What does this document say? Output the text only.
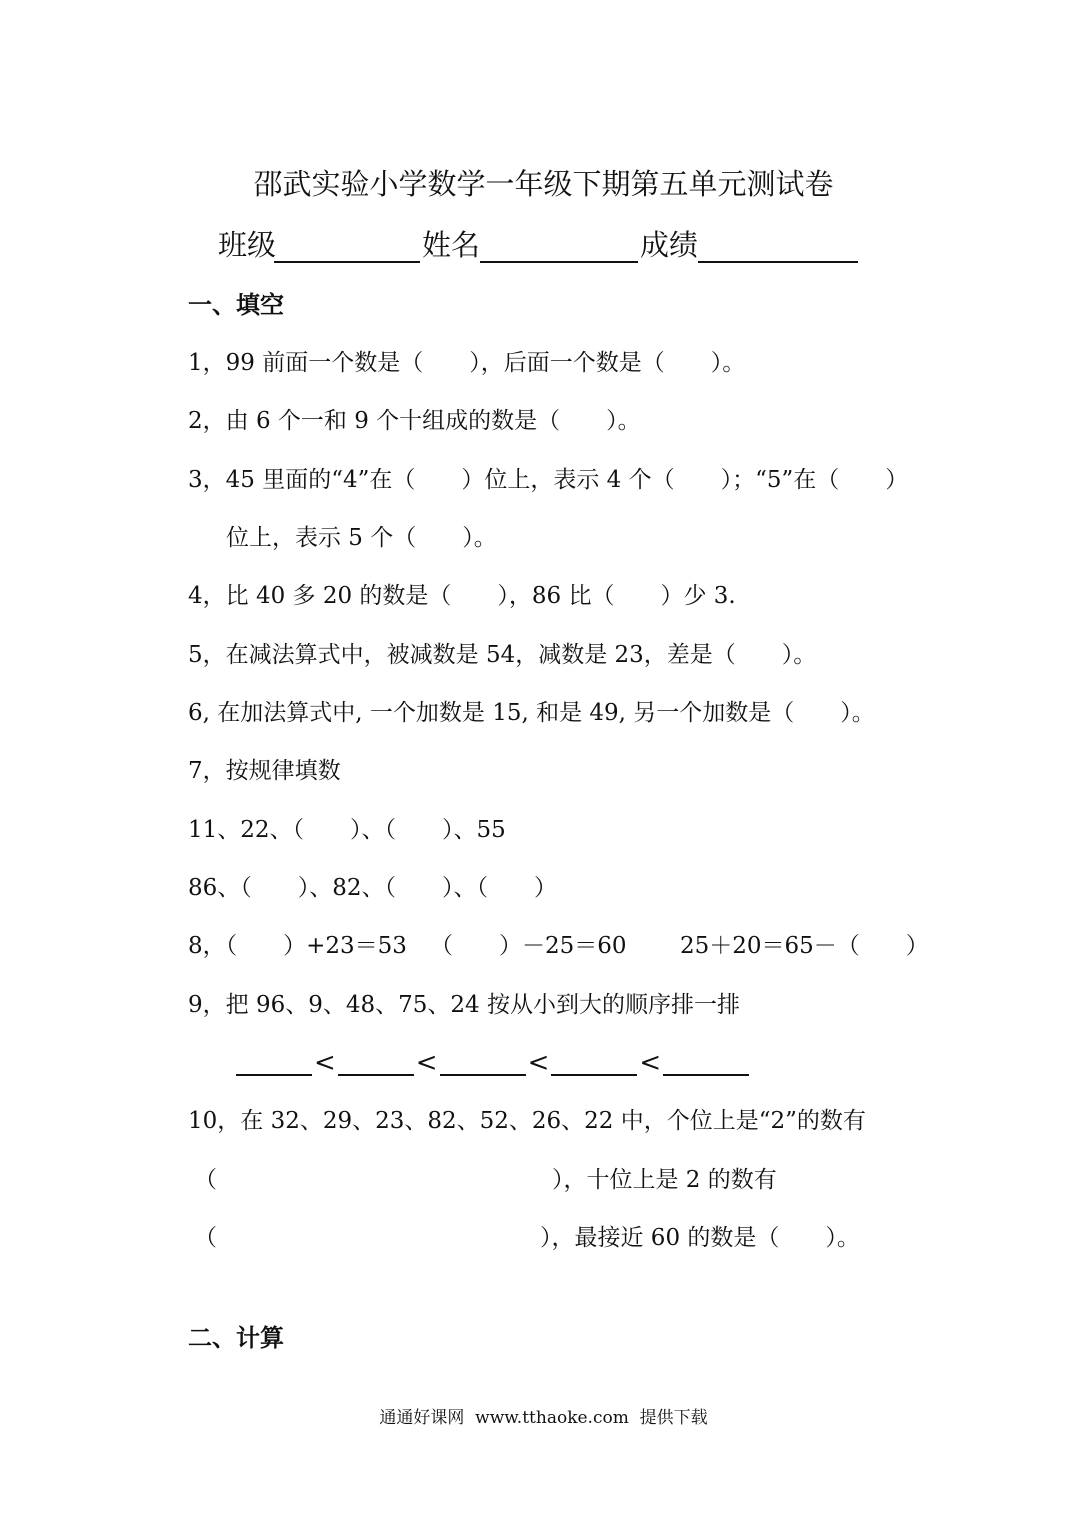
邵武实验小学数学一年级下期第五单元测试卷
班级	姓名	成绩
一、填空
1，99 前面一个数是（　　），后面一个数是（　　）。
2，由 6 个一和 9 个十组成的数是（　　）。
3，45 里面的“4”在（　　）位上，表示 4 个（　　）；“5”在（　　）
位上，表示 5 个（　　）。
4，比 40 多 20 的数是（　　），86 比（　　）少 3.
5，在减法算式中，被减数是 54，减数是 23，差是（　　）。
6, 在加法算式中, 一个加数是 15, 和是 49, 另一个加数是（　　）。
7，按规律填数
11、22、（　　）、（　　）、55
86、（　　）、82、（　　）、（　　）
8，（　　）+23＝53 （　　）－25＝60 25＋20＝65－（　　）
9，把 96、9、48、75、24 按从小到大的顺序排一排
<	<	<	<
10，在 32、29、23、82、52、26、22 中，个位上是“2”的数有
（	），十位上是 2 的数有
（	），最接近 60 的数是（　　）。
二、计算
通通好课网  www.tthaoke.com  提供下载
